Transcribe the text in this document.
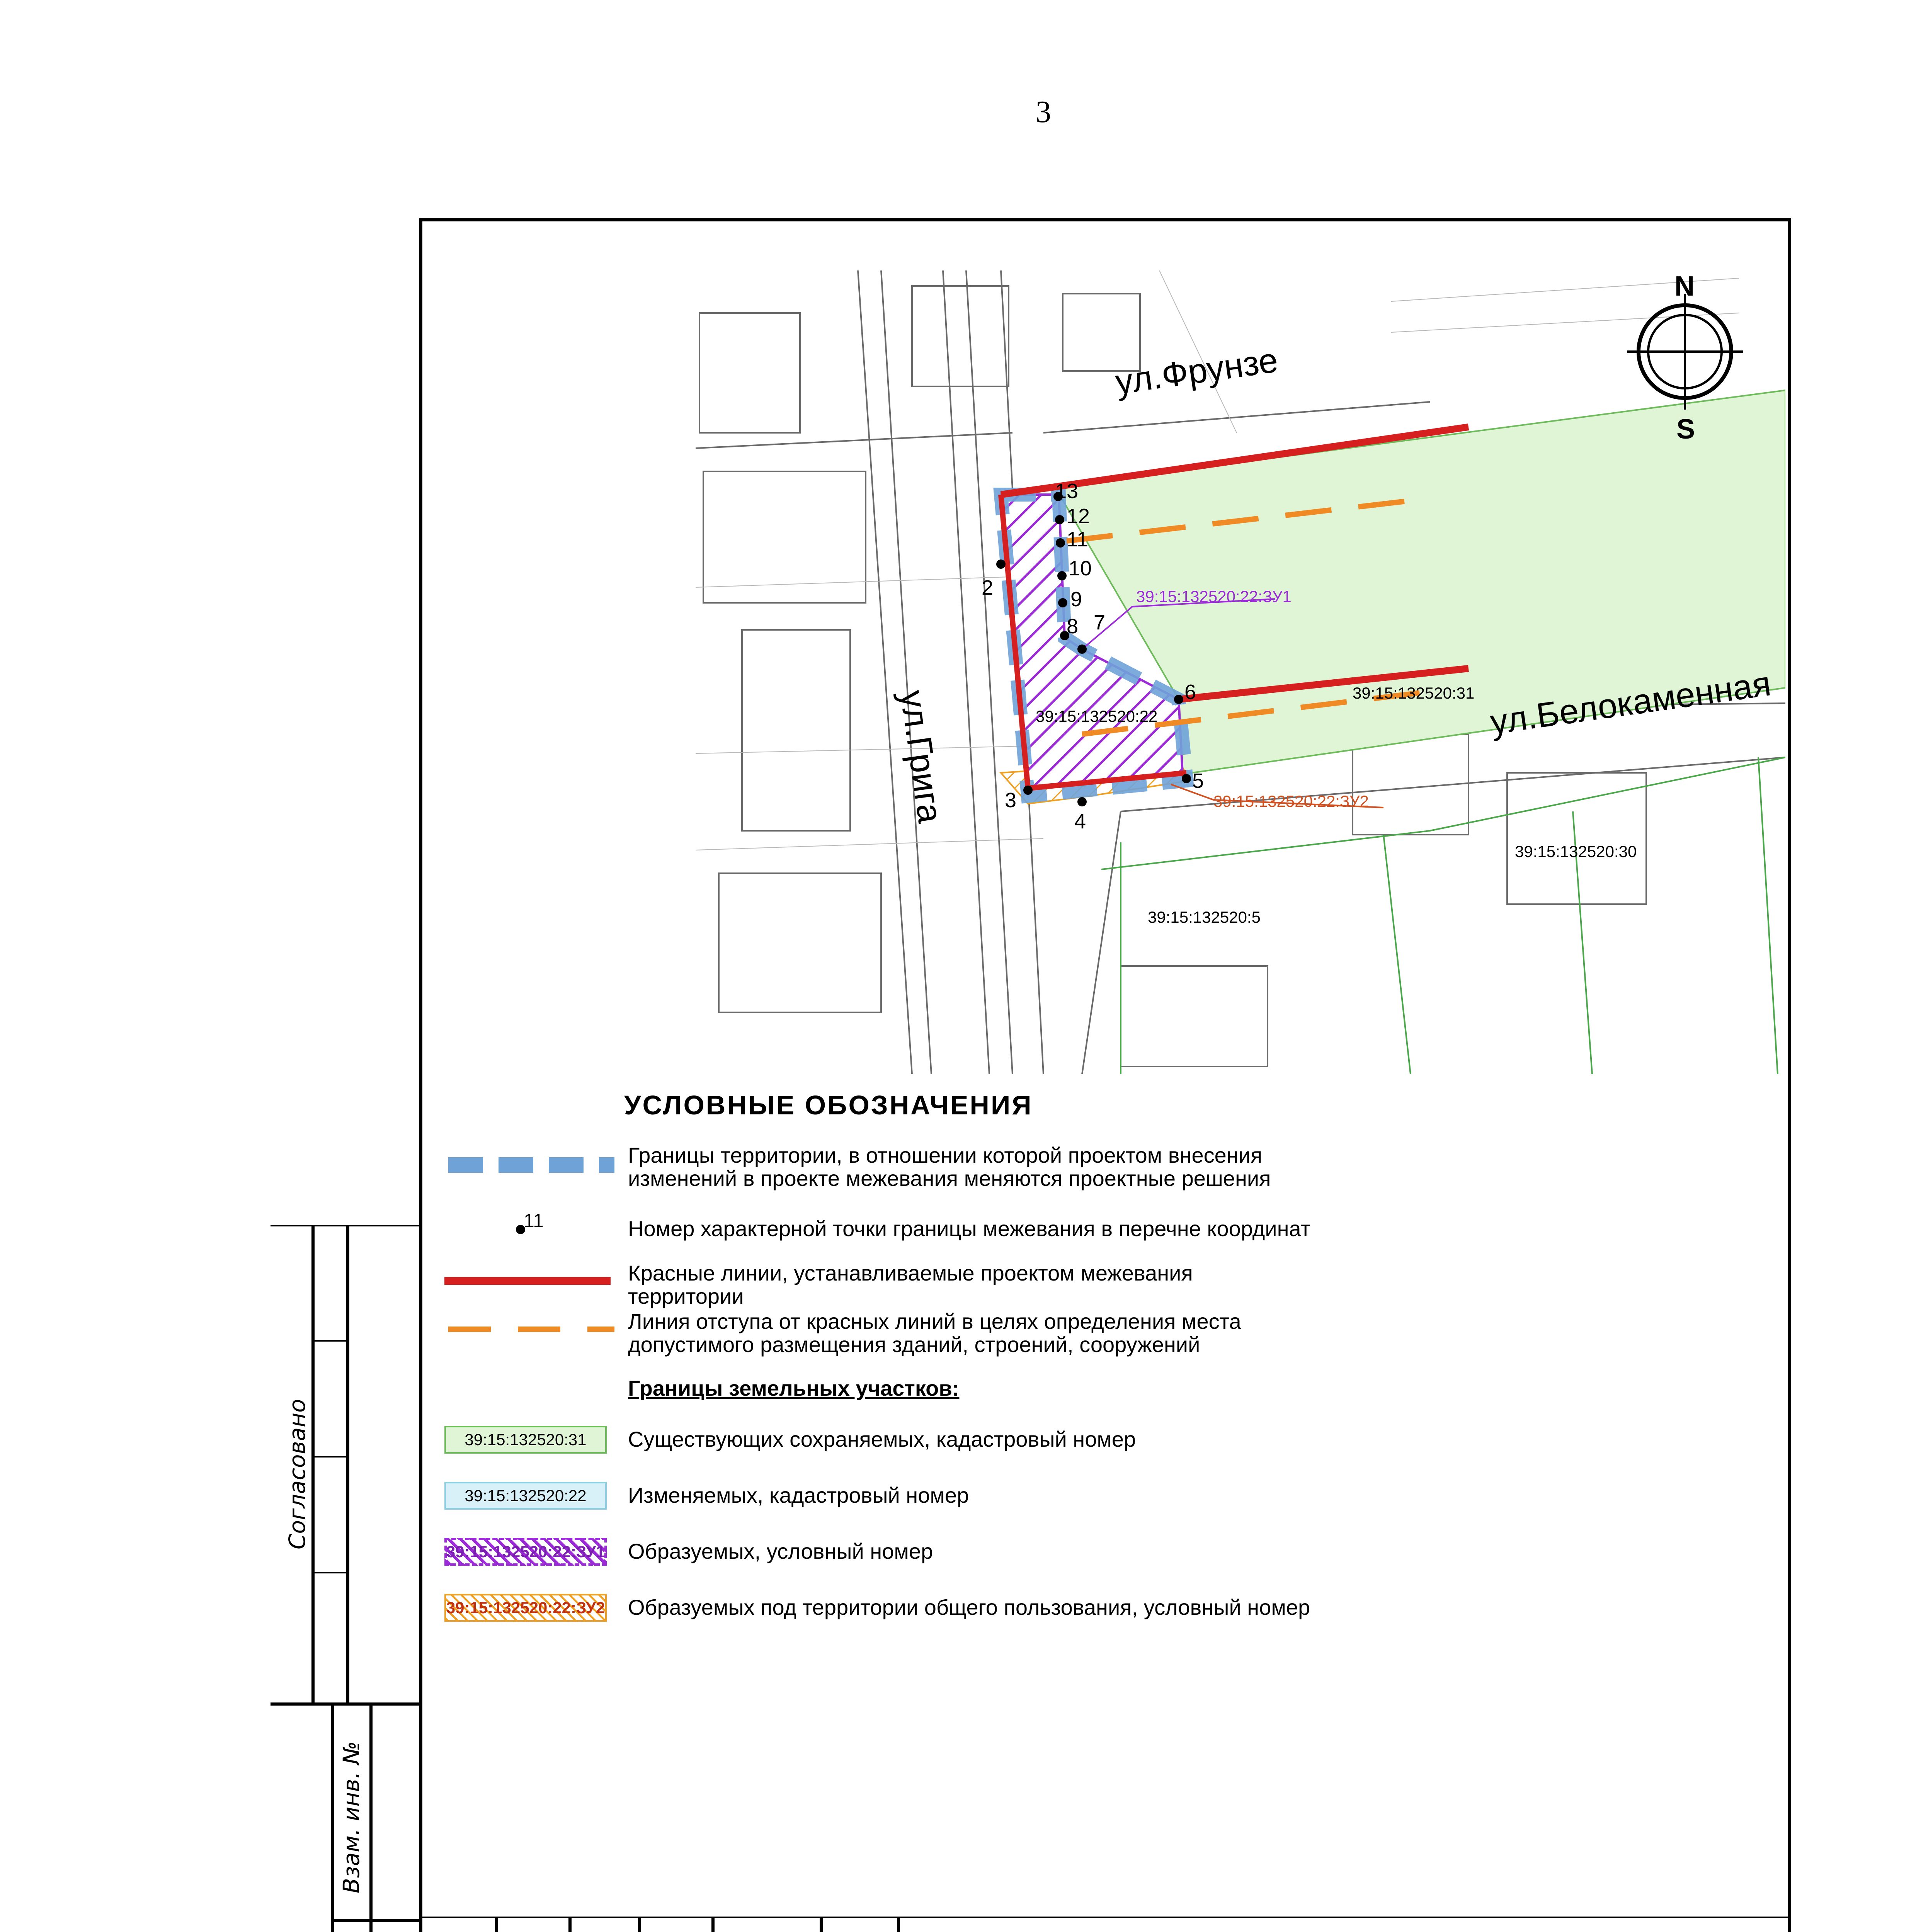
3
N
S
ул.Фрунзе
ул.Грига	ул.Белокаменная
39:15:132520:31
39:15:132520:22
39:15:132520:30
39:15:132520:5
39:15:132520:22:ЗУ1
39:15:132520:22:ЗУ2
2
3
4
5
6
7
8
9
10
11
12
13
УСЛОВНЫЕ ОБОЗНАЧЕНИЯ
Границы территории, в отношении которой проектом внесения
изменений в проекте межевания меняются проектные решения
11	Номер характерной точки границы межевания в перечне координат
Красные линии, устанавливаемые проектом межевания
территории
Линия отступа от красных линий в целях определения места
допустимого размещения зданий, строений, сооружений
Границы земельных участков:
39:15:132520:31	Существующих сохраняемых, кадастровый номер
39:15:132520:22	Изменяемых, кадастровый номер
39:15:132520:22:ЗУ1 Образуемых, условный номер
39:15:132520:22:ЗУ2 Образуемых под территории общего пользования, условный номер
Согласовано
Взам. инв. №
